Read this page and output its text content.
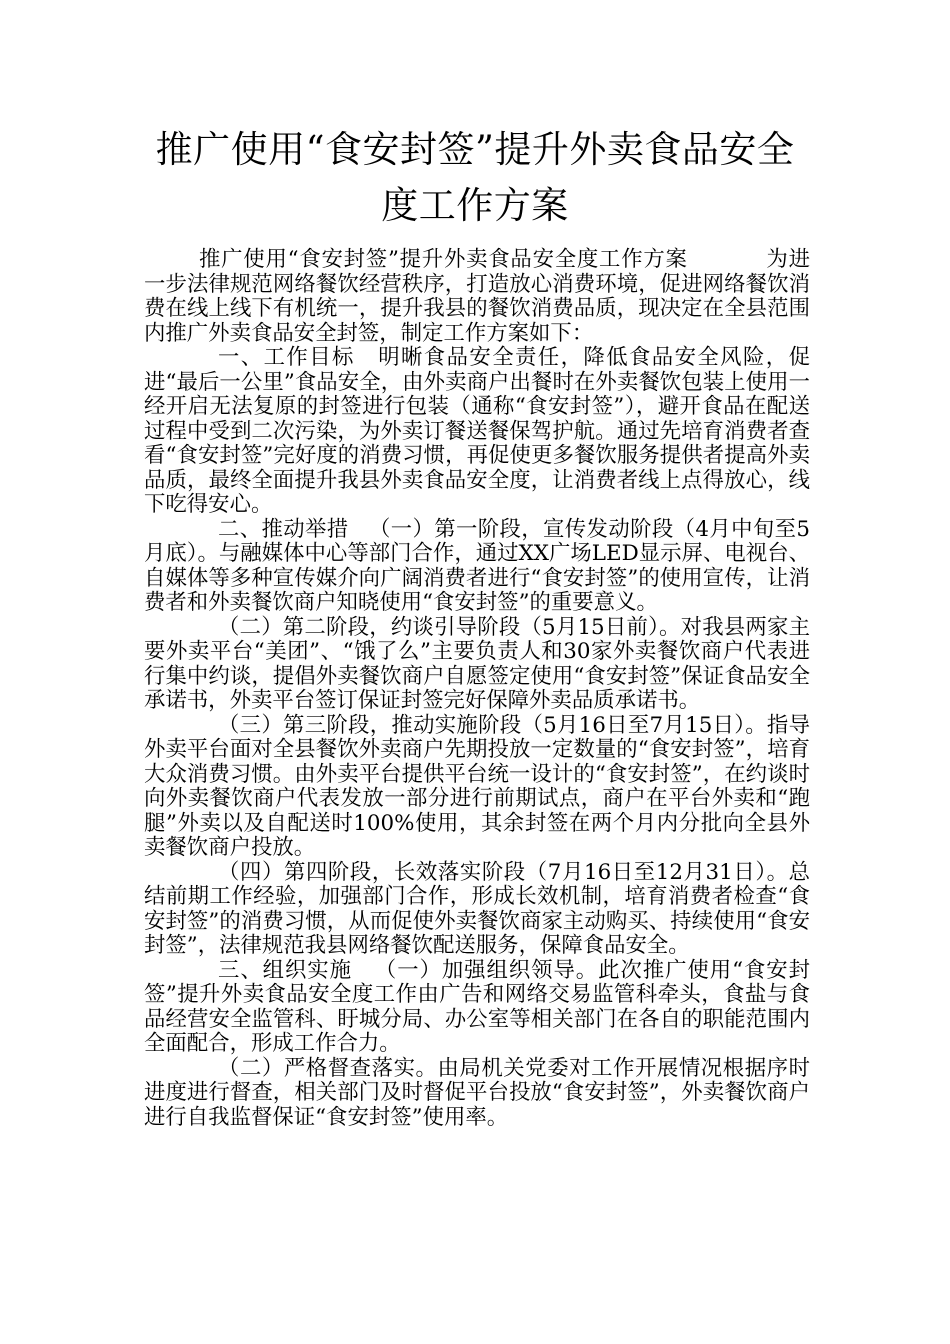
推广使用“食安封签”提升外卖食品安全
度工作方案

推广使用“食安封签”提升外卖食品安全度工作方案	为进一步法律规范网络餐饮经营秩序，打造放心消费环境，促进网络餐饮消费在线上线下有机统一，提升我县的餐饮消费品质，现决定在全县范围内推广外卖食品安全封签，制定工作方案如下：

一、工作目标 明晰食品安全责任，降低食品安全风险，促进“最后一公里”食品安全，由外卖商户出餐时在外卖餐饮包装上使用一经开启无法复原的封签进行包装（通称“食安封签”），避开食品在配送过程中受到二次污染，为外卖订餐送餐保驾护航。通过先培育消费者查看“食安封签”完好度的消费习惯，再促使更多餐饮服务提供者提高外卖品质，最终全面提升我县外卖食品安全度，让消费者线上点得放心，线下吃得安心。

二、推动举措 （一）第一阶段，宣传发动阶段（4月中旬至5月底）。与融媒体中心等部门合作，通过XX广场LED显示屏、电视台、自媒体等多种宣传媒介向广阔消费者进行“食安封签”的使用宣传，让消费者和外卖餐饮商户知晓使用“食安封签”的重要意义。

（二）第二阶段，约谈引导阶段（5月15日前）。对我县两家主要外卖平台“美团”、“饿了么”主要负责人和30家外卖餐饮商户代表进行集中约谈，提倡外卖餐饮商户自愿签定使用“食安封签”保证食品安全承诺书，外卖平台签订保证封签完好保障外卖品质承诺书。

（三）第三阶段，推动实施阶段（5月16日至7月15日）。指导外卖平台面对全县餐饮外卖商户先期投放一定数量的“食安封签”，培育大众消费习惯。由外卖平台提供平台统一设计的“食安封签”，在约谈时向外卖餐饮商户代表发放一部分进行前期试点，商户在平台外卖和“跑腿”外卖以及自配送时100%使用，其余封签在两个月内分批向全县外卖餐饮商户投放。

（四）第四阶段，长效落实阶段（7月16日至12月31日）。总结前期工作经验，加强部门合作，形成长效机制，培育消费者检查“食安封签”的消费习惯，从而促使外卖餐饮商家主动购买、持续使用“食安封签”，法律规范我县网络餐饮配送服务，保障食品安全。

三、组织实施 （一）加强组织领导。此次推广使用“食安封签”提升外卖食品安全度工作由广告和网络交易监管科牵头，食盐与食品经营安全监管科、盱城分局、办公室等相关部门在各自的职能范围内全面配合，形成工作合力。

（二）严格督查落实。由局机关党委对工作开展情况根据序时进度进行督查，相关部门及时督促平台投放“食安封签”，外卖餐饮商户进行自我监督保证“食安封签”使用率。
